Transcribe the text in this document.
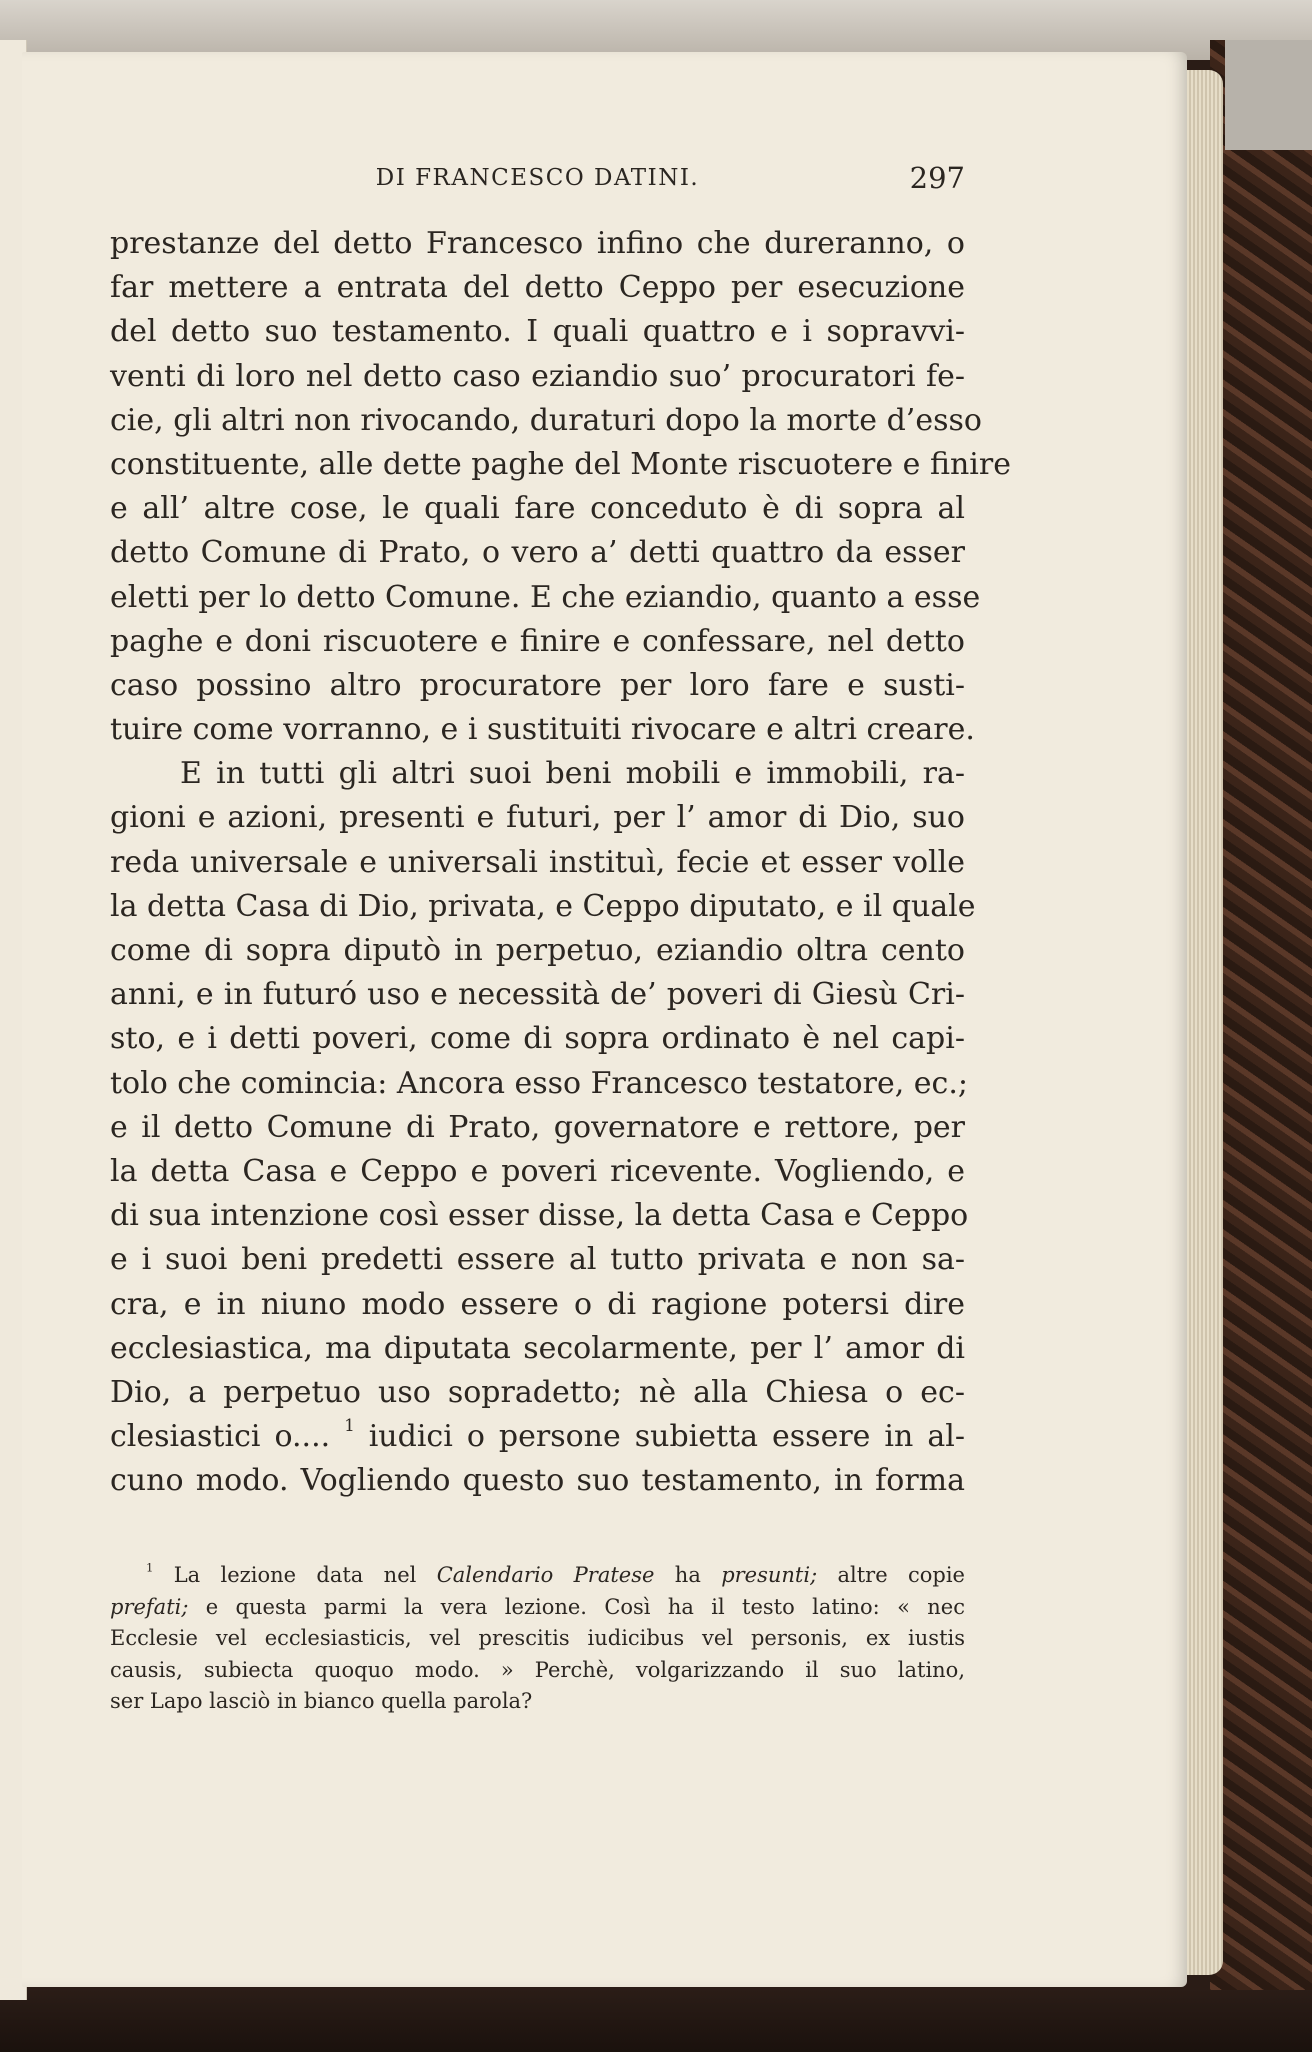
DI FRANCESCO DATINI.	297
prestanze del detto Francesco infino che dureranno, o
far mettere a entrata del detto Ceppo per esecuzione
del detto suo testamento. I quali quattro e i sopravvi-
venti di loro nel detto caso eziandio suo’ procuratori fe-
cie, gli altri non rivocando, duraturi dopo la morte d’esso
constituente, alle dette paghe del Monte riscuotere e finire
e all’ altre cose, le quali fare conceduto è di sopra al
detto Comune di Prato, o vero a’ detti quattro da esser
eletti per lo detto Comune. E che eziandio, quanto a esse
paghe e doni riscuotere e finire e confessare, nel detto
caso possino altro procuratore per loro fare e susti-
tuire come vorranno, e i sustituiti rivocare e altri creare.
E in tutti gli altri suoi beni mobili e immobili, ra-
gioni e azioni, presenti e futuri, per l’ amor di Dio, suo
reda universale e universali instituì, fecie et esser volle
la detta Casa di Dio, privata, e Ceppo diputato, e il quale
come di sopra diputò in perpetuo, eziandio oltra cento
anni, e in futuró uso e necessità de’ poveri di Giesù Cri-
sto, e i detti poveri, come di sopra ordinato è nel capi-
tolo che comincia: Ancora esso Francesco testatore, ec.;
e il detto Comune di Prato, governatore e rettore, per
la detta Casa e Ceppo e poveri ricevente. Vogliendo, e
di sua intenzione così esser disse, la detta Casa e Ceppo
e i suoi beni predetti essere al tutto privata e non sa-
cra, e in niuno modo essere o di ragione potersi dire
ecclesiastica, ma diputata secolarmente, per l’ amor di
Dio, a perpetuo uso sopradetto; nè alla Chiesa o ec-
clesiastici o.... $^1$ iudici o persone subietta essere in al-
cuno modo. Vogliendo questo suo testamento, in forma
$^1$ La lezione data nel Calendario Pratese ha presunti; altre copie
prefati; e questa parmi la vera lezione. Così ha il testo latino: « nec
Ecclesie vel ecclesiasticis, vel prescitis iudicibus vel personis, ex iustis
causis, subiecta quoquo modo. » Perchè, volgarizzando il suo latino,
ser Lapo lasciò in bianco quella parola?
